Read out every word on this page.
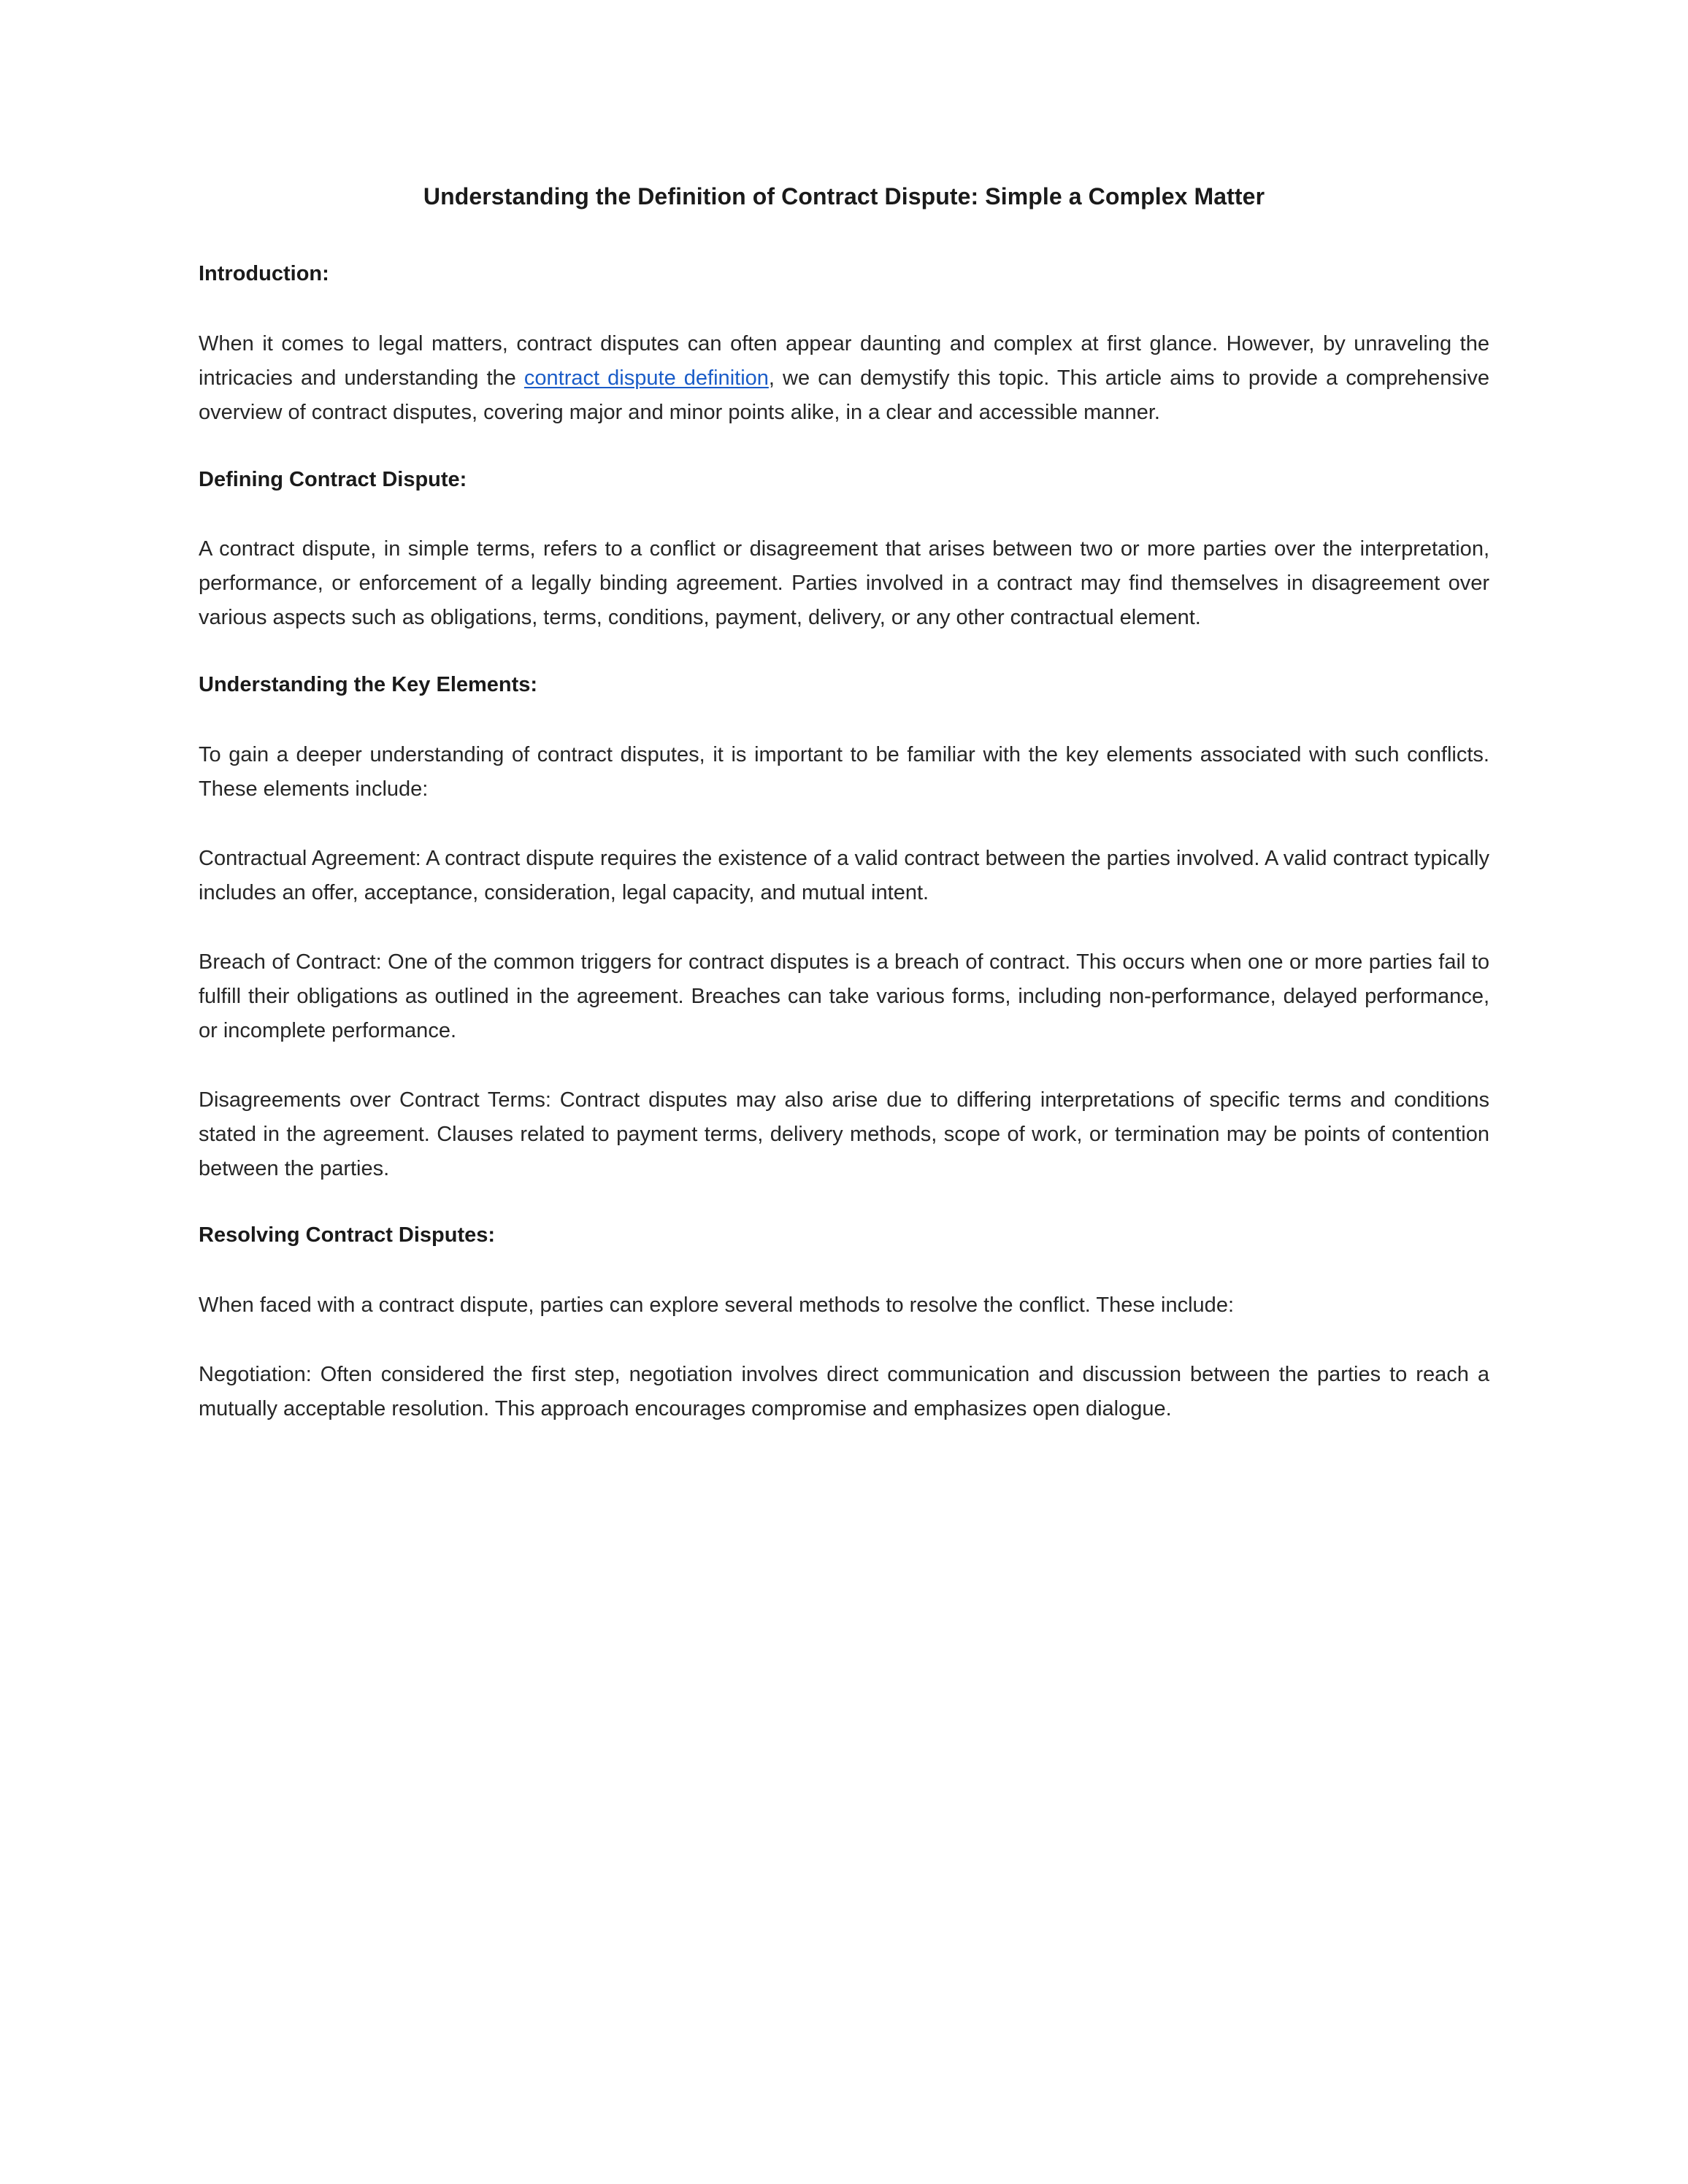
Understanding the Definition of Contract Dispute: Simple a Complex Matter
Introduction:

When it comes to legal matters, contract disputes can often appear daunting and complex at first glance. However, by unraveling the intricacies and understanding the contract dispute definition, we can demystify this topic. This article aims to provide a comprehensive overview of contract disputes, covering major and minor points alike, in a clear and accessible manner.

Defining Contract Dispute:

A contract dispute, in simple terms, refers to a conflict or disagreement that arises between two or more parties over the interpretation, performance, or enforcement of a legally binding agreement. Parties involved in a contract may find themselves in disagreement over various aspects such as obligations, terms, conditions, payment, delivery, or any other contractual element.

Understanding the Key Elements:

To gain a deeper understanding of contract disputes, it is important to be familiar with the key elements associated with such conflicts. These elements include:

Contractual Agreement: A contract dispute requires the existence of a valid contract between the parties involved. A valid contract typically includes an offer, acceptance, consideration, legal capacity, and mutual intent.

Breach of Contract: One of the common triggers for contract disputes is a breach of contract. This occurs when one or more parties fail to fulfill their obligations as outlined in the agreement. Breaches can take various forms, including non-performance, delayed performance, or incomplete performance.

Disagreements over Contract Terms: Contract disputes may also arise due to differing interpretations of specific terms and conditions stated in the agreement. Clauses related to payment terms, delivery methods, scope of work, or termination may be points of contention between the parties.

Resolving Contract Disputes:

When faced with a contract dispute, parties can explore several methods to resolve the conflict. These include:

Negotiation: Often considered the first step, negotiation involves direct communication and discussion between the parties to reach a mutually acceptable resolution. This approach encourages compromise and emphasizes open dialogue.
